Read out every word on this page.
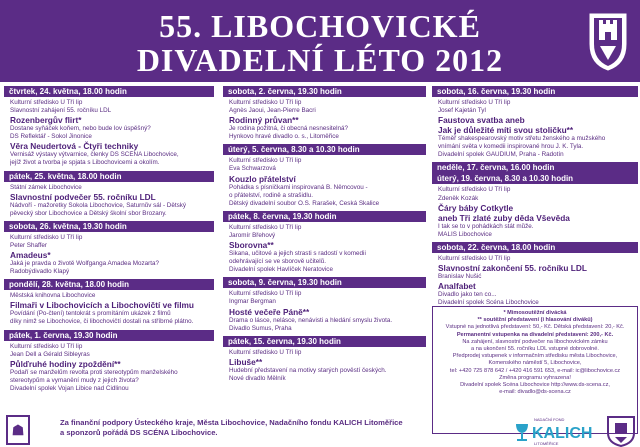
55. LIBOCHOVICKÉ
DIVADELNÍ LÉTO 2012
čtvrtek, 24. května, 18.00 hodin
Kulturní středisko U Tří lip
Slavnostní zahájení 55. ročníku LDL
Rozenbergův flirt*
Dostane syňáček koňem, nebo bude lov úspěšný?
DS Reflektář - Sokol Jinonice
Věra Neudertová - Čtyři techniky
Vernisáž výstavy výtvarnice, členky DS SCÉNA Libochovice,
jejíž život a tvorba je spjata s Libochovicemi a okolím.
pátek, 25. května, 18.00 hodin
Státní zámek Libochovice
Slavnostní podvečer 55. ročníku LDL
Nádvoří - mažoretky Sokola Libochovice, Saturnův sál - Dětský
pěvecký sbor Libochovice a Dětský školní sbor Brozany.
sobota, 26. května, 19.30 hodin
Kulturní středisko U Tří lip
Peter Shaffer
Amadeus*
Jaká je pravda o životě Wolfganga Amadea Mozarta?
Radobýdivadlo Klapý
pondělí, 28. května, 18.00 hodin
Městská knihovna Libochovice
Filmaři v Libochovicích a Libochovičtí ve filmu
Povídání (Po-čtení) tentokrát s promítáním ukázek z filmů
díky nimž se Libochovice, či libochovičtí dostali na stříbrné plátno.
pátek, 1. června, 19.30 hodin
Kulturní středisko U Tří lip
Jean Dell a Gérald Sibleyras
Půlďruhé hodiny zpoždění**
Podaří se manželům revolta proti stereotypům manželského
stereotypům a vymanění mudy z jejich života?
Divadelní spolek Vojan Libice nad Cidlinou
sobota, 2. června, 19.30 hodin
Kulturní středisko U Tří lip
Agnès Jaoui, Jean-Pierre Bacri
Rodinný průvan**
Je rodina požitná, či obecná nesnesitelná?
Hynkovo hravé divadlo o. s., Litoměřice
úterý, 5. června, 8.30 a 10.30 hodin
Kulturní středisko U Tří lip
Eva Schwarzová
Kouzlo přátelství
Pohádka s písničkami inspirovaná B. Němcovou -
o přátelství, rodině a strašidlu.
Dětský divadelní soubor O.S. Rarašek, Česká Skalice
pátek, 8. června, 19.30 hodin
Kulturní středisko U Tří lip
Jaromír Břehový
Sborovna**
Šikana, učitové a jejich strasti s radostí v komedii
odehrávající se ve sborově učitelů.
Divadelní spolek Havlíček Neratovice
sobota, 9. června, 19.30 hodin
Kulturní středisko U Tří lip
Ingmar Bergman
Hosté večeře Páně**
Drama o lásce, nelásce, nenávisti a hledání smyslu života.
Divadlo Sumus, Praha
pátek, 15. června, 19.30 hodin
Kulturní středisko U Tří lip
Libuše**
Hudební představení na motivy starých pověstí českých.
Nové divadlo Mělník
sobota, 16. června, 19.30 hodin
Kulturní středisko U Tří lip
Josef Kajetán Tyl
Faustova svatba aneb
Jak je důležité míti svou stoličku**
Téměř shakespearovský motiv střetu ženského a mužského
vnímání světa v komedii inspirované hrou J. K. Tyla.
Divadelní spolek GAUDIUM, Praha - Radotín
neděle, 17. června, 16.00 hodin
úterý, 19. června, 8.30 a 10.30 hodin
Kulturní středisko U Tří lip
Zdeněk Kozák
Čáry báby Cotkytle
aneb Tři zlaté zuby děda Vševěda
I tak se to v pohádkách stát může.
MALIS Libochovice
sobota, 22. června, 18.00 hodin
Kulturní středisko U Tří lip
Slavnostní zakončení 55. ročníku LDL
Branislav Nušić
Analfabet
Divadlo jako ten co...
Divadelní spolek Scéna Libochovice
* Mimosoutěžní divácká
** soutěžní představení (i hlasování diváků)
Vstupné na jednotlivá představení: 50,- Kč. Dětská představení: 20,- Kč.
Permanentní vstupenka na divadelní představení: 200,- Kč.
Na zahájení, slavnostní podvečer na libochovickém zámku
a na ukončení 55. ročníku LDL vstupné dobrovolné.
Předprodej vstupenek v informačním středisku města Libochovice,
Komenského náměstí 5, Libochovice,
tel: +420 725 878 642 / +420 416 591 653, e-mail: ic@libochovice.cz
Změna programu vyhrazena!
Divadelní spolek Scéna Libochovice http://www.ds-scena.cz,
e-mail: divadlo@ds-scena.cz
☗	Za finanční podpory Ústeckého kraje, Města Libochovice, Nadačního fondu KALICH Litoměřice
a sponzorů pořádá DS SCÉNA Libochovice.
NADAČNÍ FOND
KALICH
LITOMĚŘICE
